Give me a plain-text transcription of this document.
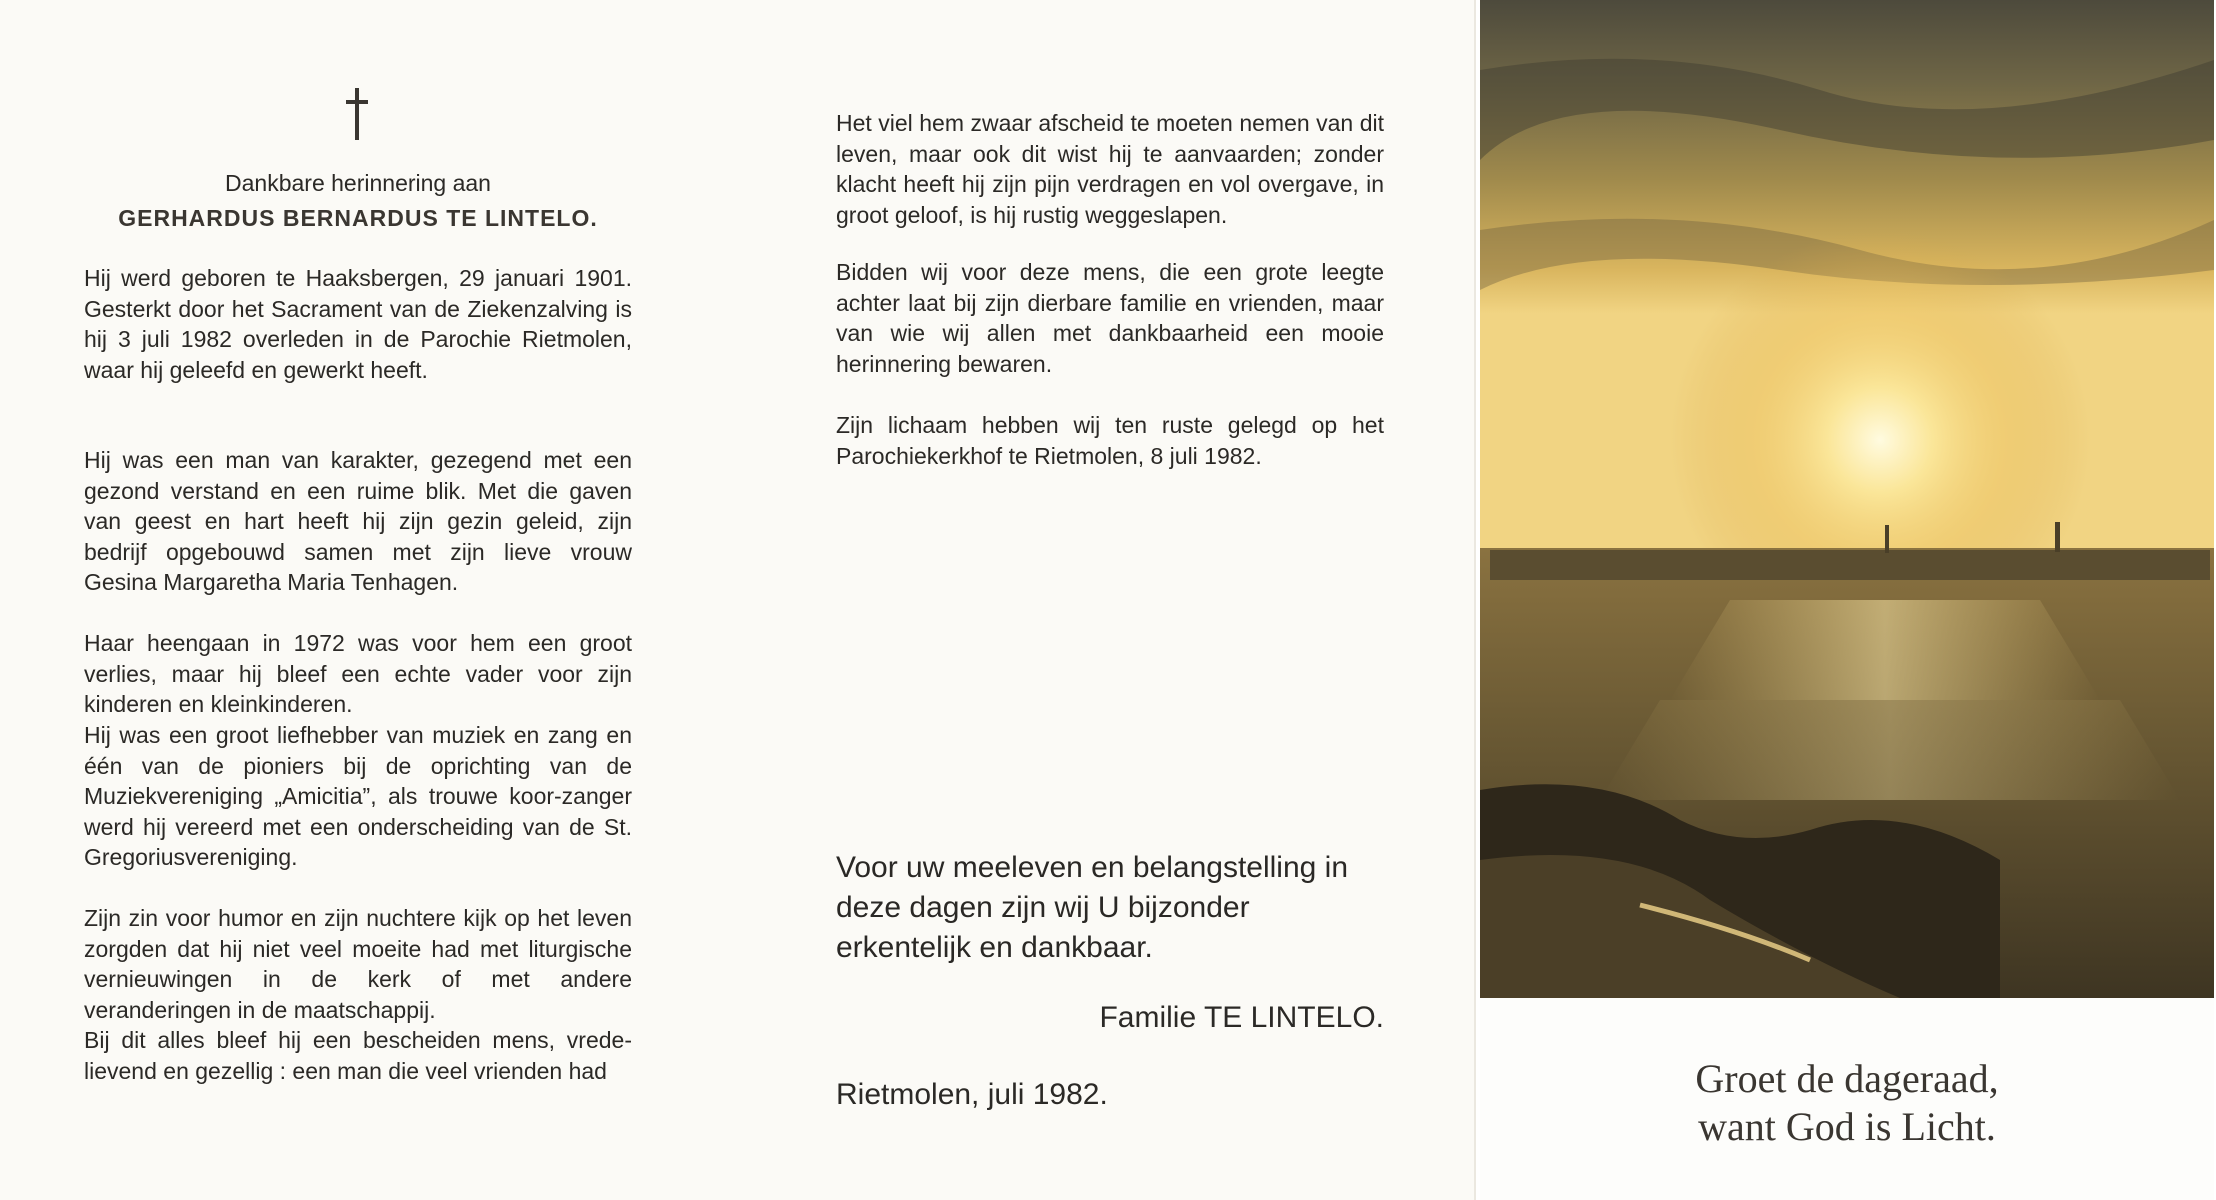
Dankbare herinnering aan
GERHARDUS BERNARDUS TE LINTELO.

Hij werd geboren te Haaksbergen, 29 januari 1901. Gesterkt door het Sacrament van de Ziekenzalving is hij 3 juli 1982 overleden in de Parochie Rietmolen, waar hij geleefd en gewerkt heeft.

Hij was een man van karakter, gezegend met een gezond verstand en een ruime blik. Met die gaven van geest en hart heeft hij zijn gezin geleid, zijn bedrijf opgebouwd samen met zijn lieve vrouw Gesina Margaretha Maria Tenhagen.

Haar heengaan in 1972 was voor hem een groot verlies, maar hij bleef een echte vader voor zijn kinderen en kleinkinderen.

Hij was een groot liefhebber van muziek en zang en één van de pioniers bij de oprichting van de Muziekvereniging „Amicitia”, als trouwe koor-zanger werd hij vereerd met een onderscheiding van de St. Gregoriusvereniging.

Zijn zin voor humor en zijn nuchtere kijk op het leven zorgden dat hij niet veel moeite had met liturgische vernieuwingen in de kerk of met andere veranderingen in de maatschappij.

Bij dit alles bleef hij een bescheiden mens, vrede-lievend en gezellig : een man die veel vrienden had

Het viel hem zwaar afscheid te moeten nemen van dit leven, maar ook dit wist hij te aanvaarden; zonder klacht heeft hij zijn pijn verdragen en vol overgave, in groot geloof, is hij rustig weggeslapen.

Bidden wij voor deze mens, die een grote leegte achter laat bij zijn dierbare familie en vrienden, maar van wie wij allen met dankbaarheid een mooie herinnering bewaren.

Zijn lichaam hebben wij ten ruste gelegd op het Parochiekerkhof te Rietmolen, 8 juli 1982.

Voor uw meeleven en belangstelling in deze dagen zijn wij U bijzonder erkentelijk en dankbaar.
Familie TE LINTELO.
Rietmolen, juli 1982.	Groet de dageraad,
want God is Licht.
